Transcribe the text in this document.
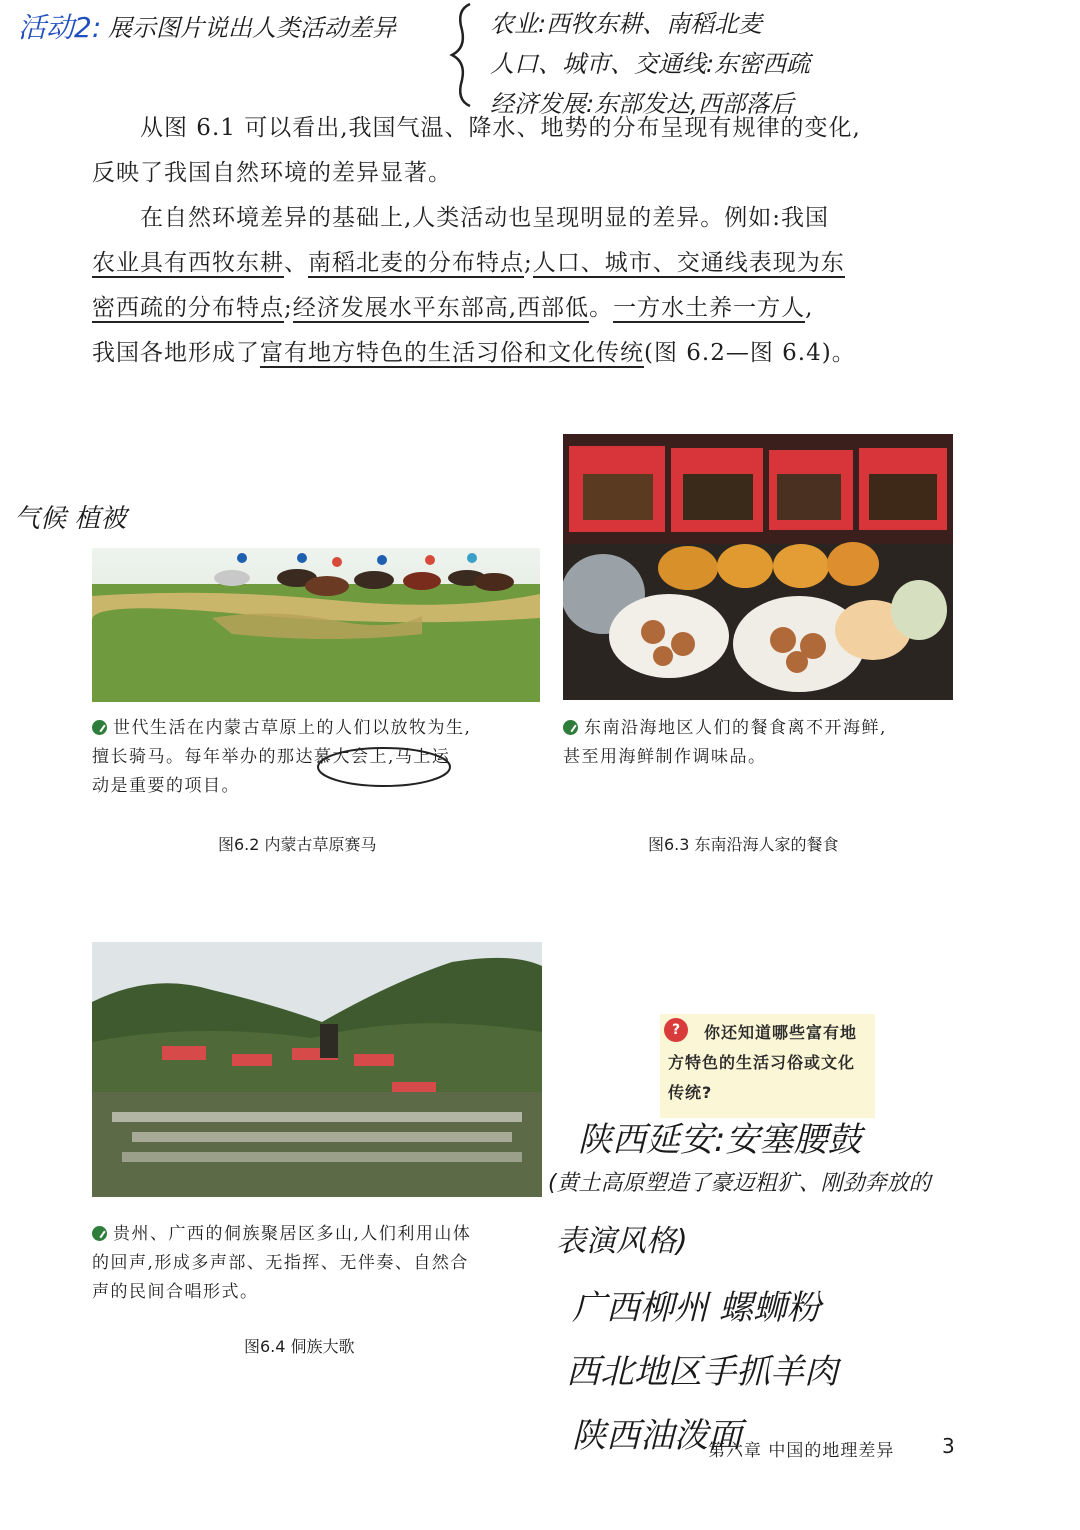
活动2: 展示图片说出人类活动差异	农业:西牧东耕、南稻北麦
人口、城市、交通线:东密西疏
经济发展:东部发达,西部落后
从图 6.1 可以看出,我国气温、降水、地势的分布呈现有规律的变化,
反映了我国自然环境的差异显著。
在自然环境差异的基础上,人类活动也呈现明显的差异。例如:我国
农业具有西牧东耕、南稻北麦的分布特点;人口、城市、交通线表现为东
密西疏的分布特点;经济发展水平东部高,西部低。一方水土养一方人,
我国各地形成了富有地方特色的生活习俗和文化传统(图 6.2—图 6.4)。
气候 植被
世代生活在内蒙古草原上的人们以放牧为生,
擅长骑马。每年举办的那达慕大会上,马上运
动是重要的项目。
图6.2 内蒙古草原赛马
东南沿海地区人们的餐食离不开海鲜,
甚至用海鲜制作调味品。
图6.3 东南沿海人家的餐食
贵州、广西的侗族聚居区多山,人们利用山体
的回声,形成多声部、无指挥、无伴奏、自然合
声的民间合唱形式。
图6.4 侗族大歌
?	你还知道哪些富有地
方特色的生活习俗或文化
传统?
陕西延安:安塞腰鼓
(黄土高原塑造了豪迈粗犷、刚劲奔放的
表演风格)
广西柳州 螺蛳粉
西北地区手抓羊肉
陕西油泼面
第六章 中国的地理差异 3
